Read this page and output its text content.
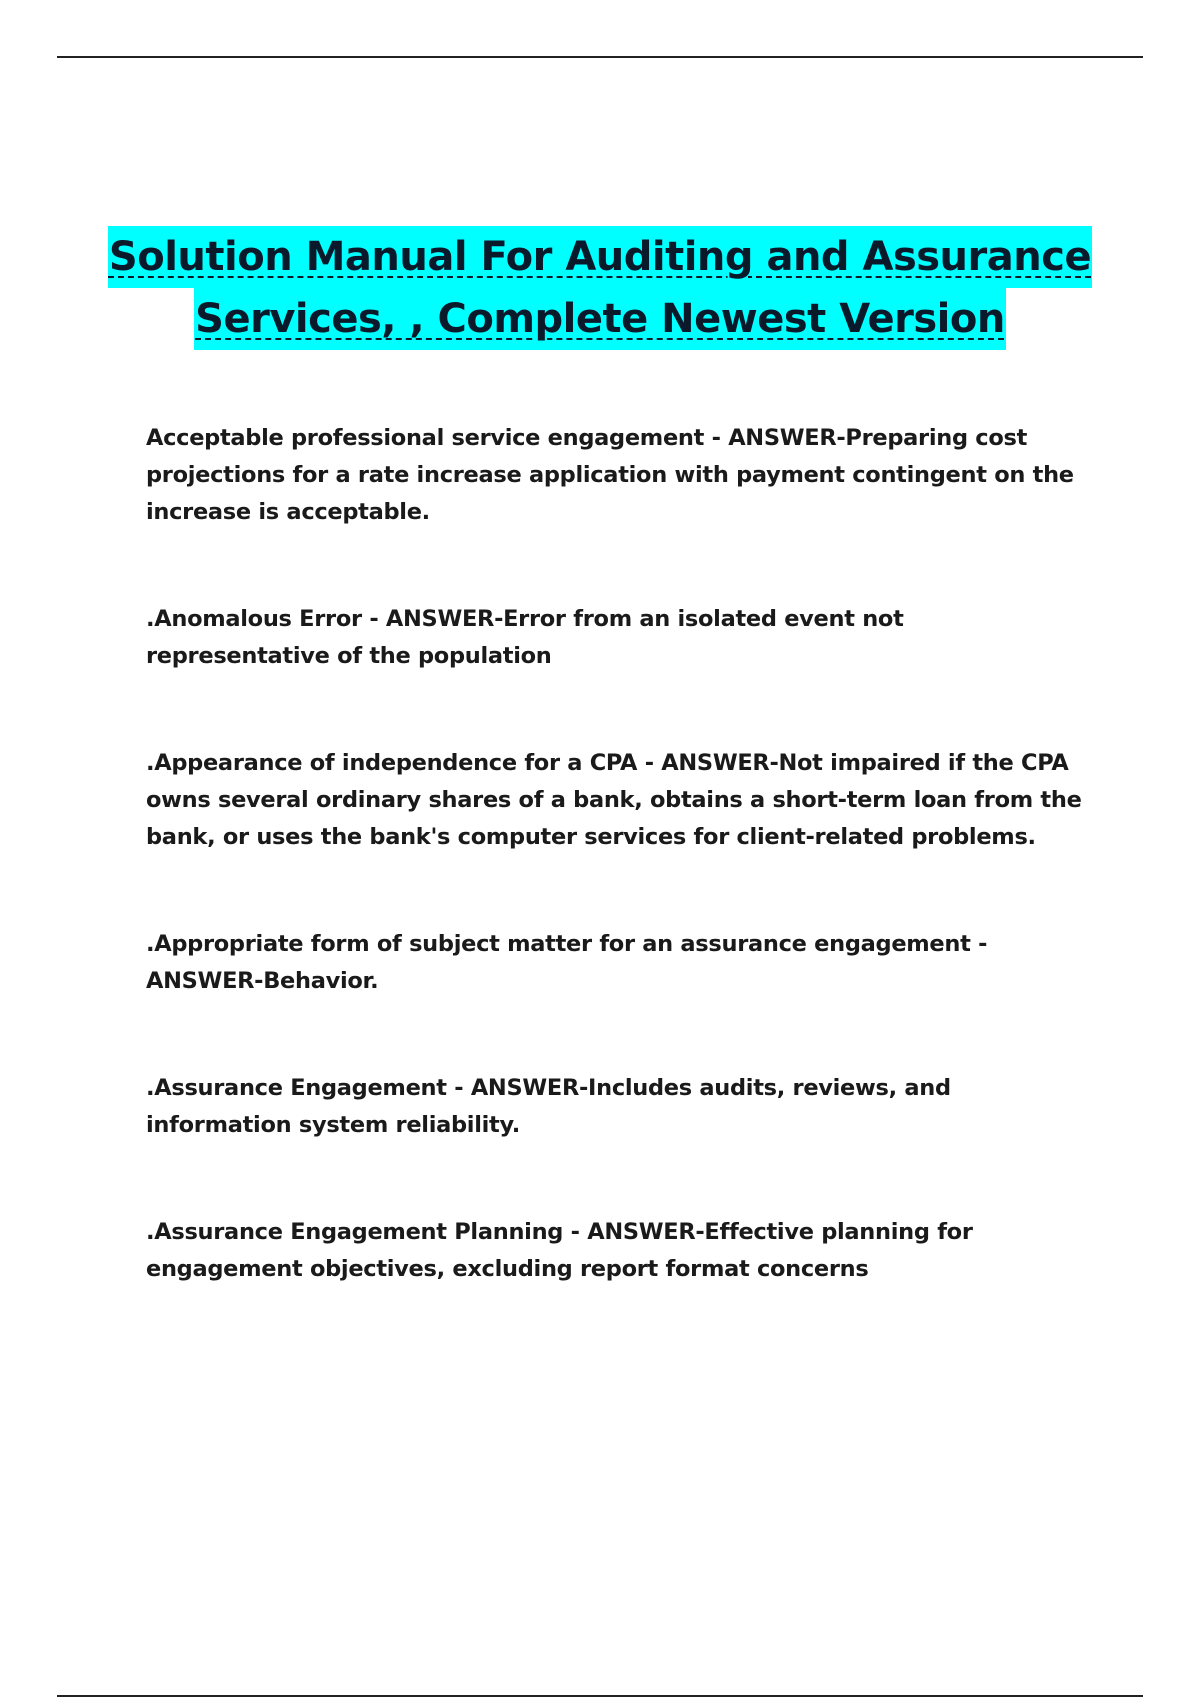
Solution Manual For Auditing and Assurance
Services, , Complete Newest Version

Acceptable professional service engagement - ANSWER-Preparing cost projections for a rate increase application with payment contingent on the increase is acceptable.

.Anomalous Error - ANSWER-Error from an isolated event not representative of the population

.Appearance of independence for a CPA - ANSWER-Not impaired if the CPA owns several ordinary shares of a bank, obtains a short-term loan from the bank, or uses the bank's computer services for client-related problems.

.Appropriate form of subject matter for an assurance engagement - ANSWER-Behavior.

.Assurance Engagement - ANSWER-Includes audits, reviews, and information system reliability.

.Assurance Engagement Planning - ANSWER-Effective planning for engagement objectives, excluding report format concerns
